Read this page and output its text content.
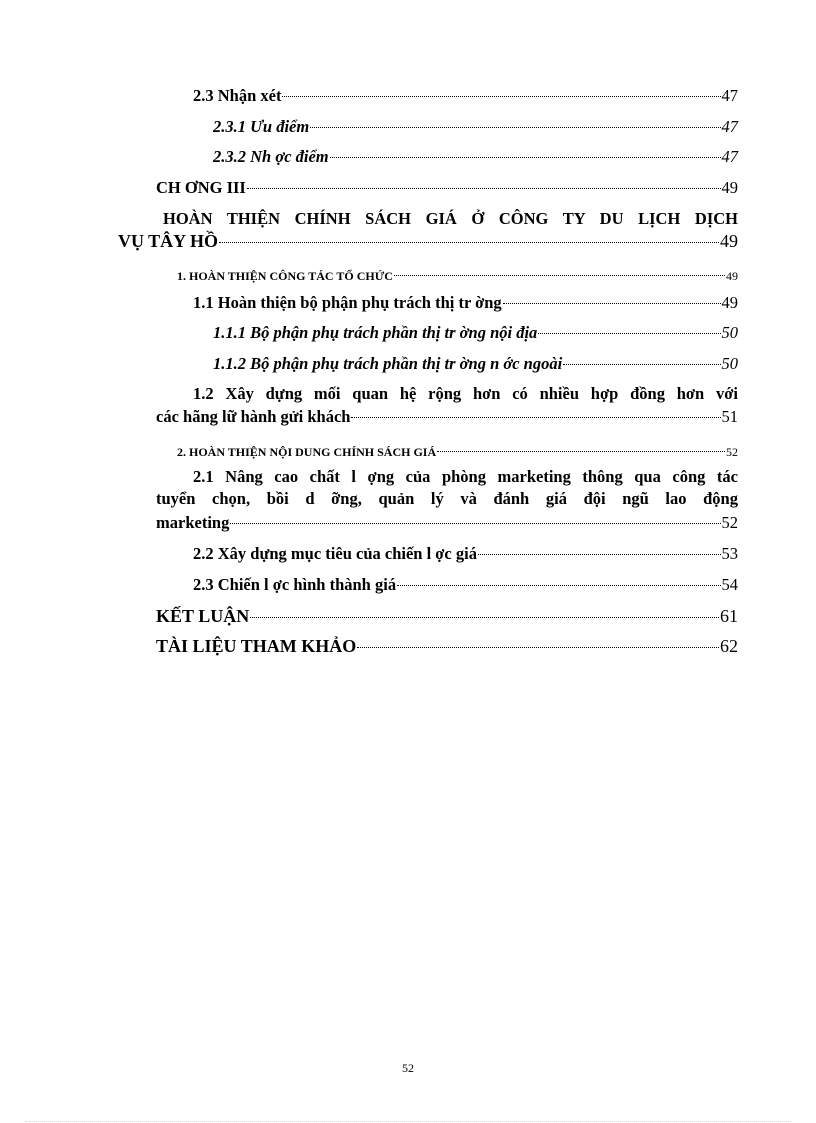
2.3 Nhận xét	47
2.3.1 Ưu điểm	47
2.3.2 Nh ợc điểm	47
CH ƠNG III	49
HOÀN THIỆN CHÍNH SÁCH GIÁ Ở CÔNG TY DU LỊCH DỊCH
VỤ TÂY HỒ	49
1. HOÀN THIỆN CÔNG TÁC TỔ CHỨC	49
1.1 Hoàn thiện bộ phận phụ trách thị tr ờng	49
1.1.1 Bộ phận phụ trách phần thị tr ờng nội địa	50
1.1.2 Bộ phận phụ trách phần thị tr ờng n ớc ngoài	50
1.2 Xây dựng mối quan hệ rộng hơn có nhiều hợp đồng hơn với
các hãng lữ hành gửi khách	51
2. HOÀN THIỆN NỘI DUNG CHÍNH SÁCH GIÁ	52
2.1 Nâng cao chất l ợng của phòng marketing thông qua công tác
tuyển chọn, bồi d ỡng, quản lý và đánh giá đội ngũ lao động
marketing	52
2.2 Xây dựng mục tiêu của chiến l ợc giá	53
2.3 Chiến l ợc hình thành giá	54
KẾT LUẬN	61
TÀI LIỆU THAM KHẢO	62
52
